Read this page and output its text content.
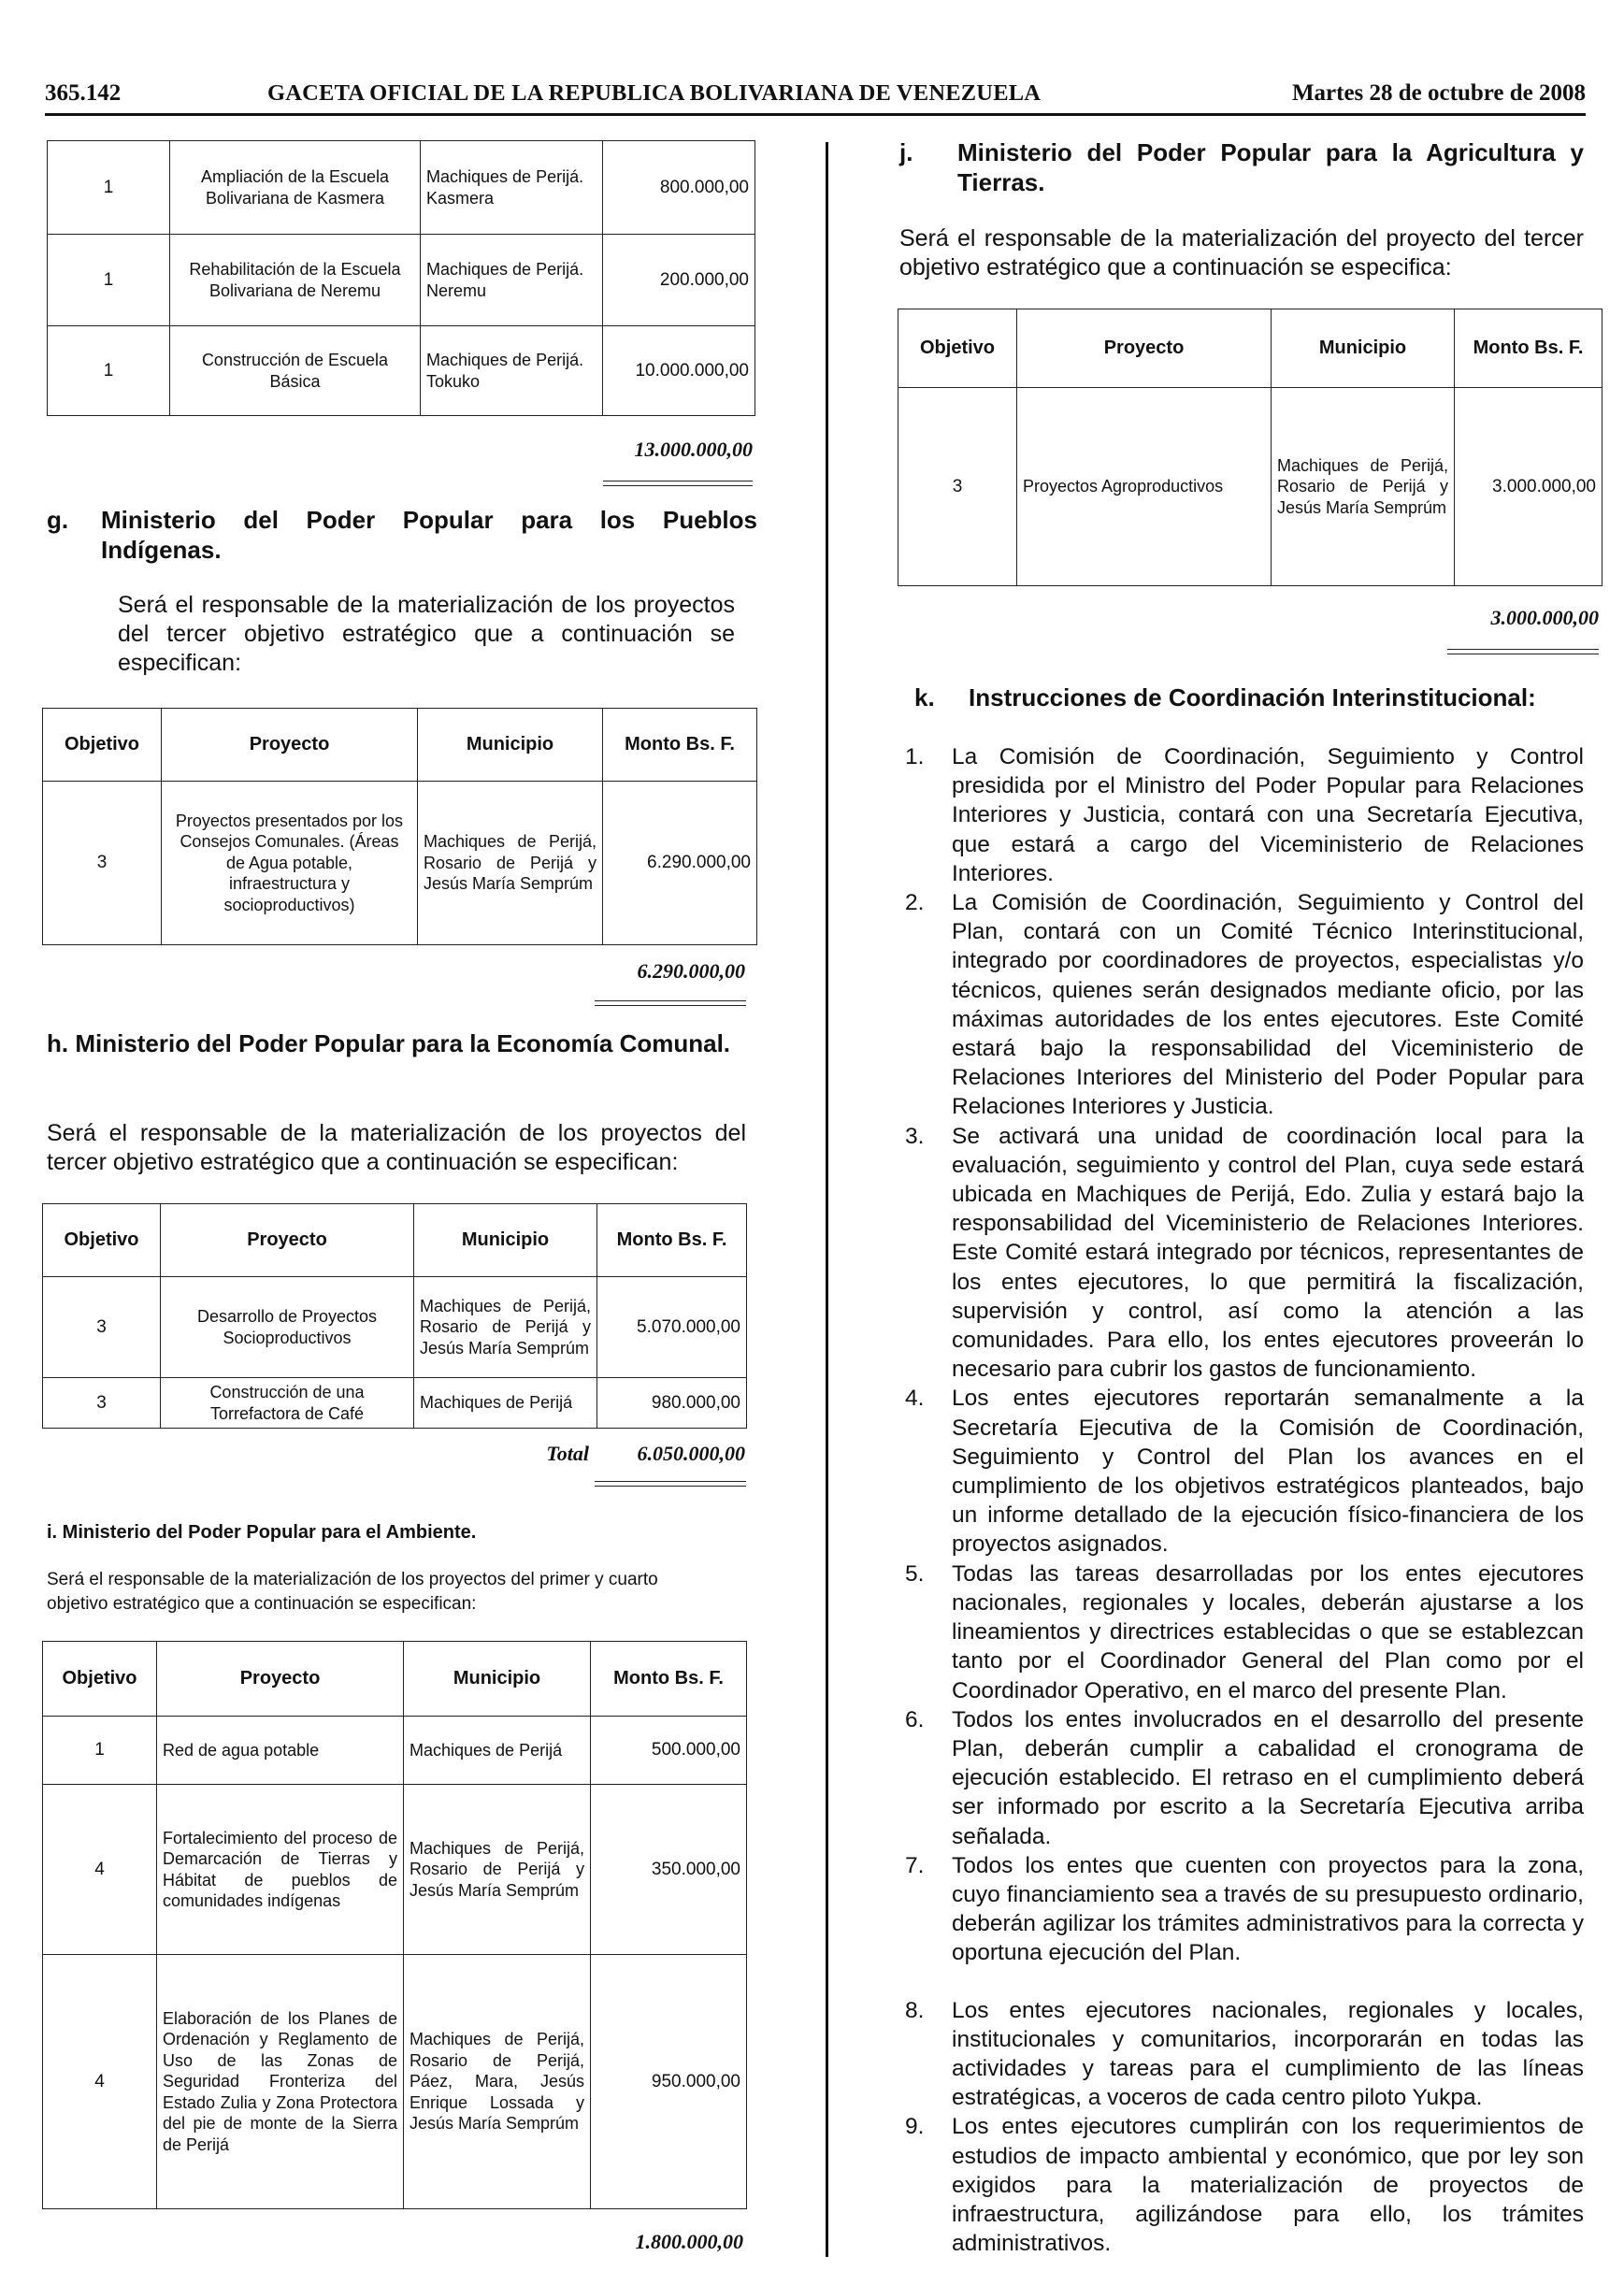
365.142	GACETA OFICIAL DE LA REPUBLICA BOLIVARIANA DE VENEZUELA	Martes 28 de octubre de 2008
1	Ampliación de la Escuela Bolivariana de Kasmera	Machiques de Perijá. Kasmera	800.000,00
1	Rehabilitación de la Escuela Bolivariana de Neremu	Machiques de Perijá. Neremu	200.000,00
1	Construcción de Escuela Básica	Machiques de Perijá. Tokuko	10.000.000,00
13.000.000,00
g. Ministerio del Poder Popular para los Pueblos Indígenas.
Será el responsable de la materialización de los proyectos del tercer objetivo estratégico que a continuación se especifican:
Objetivo	Proyecto	Municipio	Monto Bs. F.
3	Proyectos presentados por los Consejos Comunales. (Áreas de Agua potable, infraestructura y socioproductivos)	Machiques de Perijá, Rosario de Perijá y Jesús María Semprúm	6.290.000,00
6.290.000,00
h. Ministerio del Poder Popular para la Economía Comunal.
Será el responsable de la materialización de los proyectos del tercer objetivo estratégico que a continuación se especifican:
Objetivo	Proyecto	Municipio	Monto Bs. F.
3	Desarrollo de Proyectos Socioproductivos	Machiques de Perijá, Rosario de Perijá y Jesús María Semprúm	5.070.000,00
3	Construcción de una Torrefactora de Café	Machiques de Perijá	980.000,00
Total	6.050.000,00
i. Ministerio del Poder Popular para el Ambiente.
Será el responsable de la materialización de los proyectos del primer y cuarto objetivo estratégico que a continuación se especifican:
Objetivo	Proyecto	Municipio	Monto Bs. F.
1	Red de agua potable	Machiques de Perijá	500.000,00
4	Fortalecimiento del proceso de Demarcación de Tierras y Hábitat de pueblos de comunidades indígenas	Machiques de Perijá, Rosario de Perijá y Jesús María Semprúm	350.000,00
4	Elaboración de los Planes de Ordenación y Reglamento de Uso de las Zonas de Seguridad Fronteriza del Estado Zulia y Zona Protectora del pie de monte de la Sierra de Perijá	Machiques de Perijá, Rosario de Perijá, Páez, Mara, Jesús Enrique Lossada y Jesús María Semprúm	950.000,00
1.800.000,00
j. Ministerio del Poder Popular para la Agricultura y Tierras.
Será el responsable de la materialización del proyecto del tercer objetivo estratégico que a continuación se especifica:
Objetivo	Proyecto	Municipio	Monto Bs. F.
3	Proyectos Agroproductivos	Machiques de Perijá, Rosario de Perijá y Jesús María Semprúm	3.000.000,00
3.000.000,00
k. Instrucciones de Coordinación Interinstitucional:
1. La Comisión de Coordinación, Seguimiento y Control presidida por el Ministro del Poder Popular para Relaciones Interiores y Justicia, contará con una Secretaría Ejecutiva, que estará a cargo del Viceministerio de Relaciones Interiores.
2. La Comisión de Coordinación, Seguimiento y Control del Plan, contará con un Comité Técnico Interinstitucional, integrado por coordinadores de proyectos, especialistas y/o técnicos, quienes serán designados mediante oficio, por las máximas autoridades de los entes ejecutores. Este Comité estará bajo la responsabilidad del Viceministerio de Relaciones Interiores del Ministerio del Poder Popular para Relaciones Interiores y Justicia.
3. Se activará una unidad de coordinación local para la evaluación, seguimiento y control del Plan, cuya sede estará ubicada en Machiques de Perijá, Edo. Zulia y estará bajo la responsabilidad del Viceministerio de Relaciones Interiores. Este Comité estará integrado por técnicos, representantes de los entes ejecutores, lo que permitirá la fiscalización, supervisión y control, así como la atención a las comunidades. Para ello, los entes ejecutores proveerán lo necesario para cubrir los gastos de funcionamiento.
4. Los entes ejecutores reportarán semanalmente a la Secretaría Ejecutiva de la Comisión de Coordinación, Seguimiento y Control del Plan los avances en el cumplimiento de los objetivos estratégicos planteados, bajo un informe detallado de la ejecución físico-financiera de los proyectos asignados.
5. Todas las tareas desarrolladas por los entes ejecutores nacionales, regionales y locales, deberán ajustarse a los lineamientos y directrices establecidas o que se establezcan tanto por el Coordinador General del Plan como por el Coordinador Operativo, en el marco del presente Plan.
6. Todos los entes involucrados en el desarrollo del presente Plan, deberán cumplir a cabalidad el cronograma de ejecución establecido. El retraso en el cumplimiento deberá ser informado por escrito a la Secretaría Ejecutiva arriba señalada.
7. Todos los entes que cuenten con proyectos para la zona, cuyo financiamiento sea a través de su presupuesto ordinario, deberán agilizar los trámites administrativos para la correcta y oportuna ejecución del Plan.
8. Los entes ejecutores nacionales, regionales y locales, institucionales y comunitarios, incorporarán en todas las actividades y tareas para el cumplimiento de las líneas estratégicas, a voceros de cada centro piloto Yukpa.
9. Los entes ejecutores cumplirán con los requerimientos de estudios de impacto ambiental y económico, que por ley son exigidos para la materialización de proyectos de infraestructura, agilizándose para ello, los trámites administrativos.
